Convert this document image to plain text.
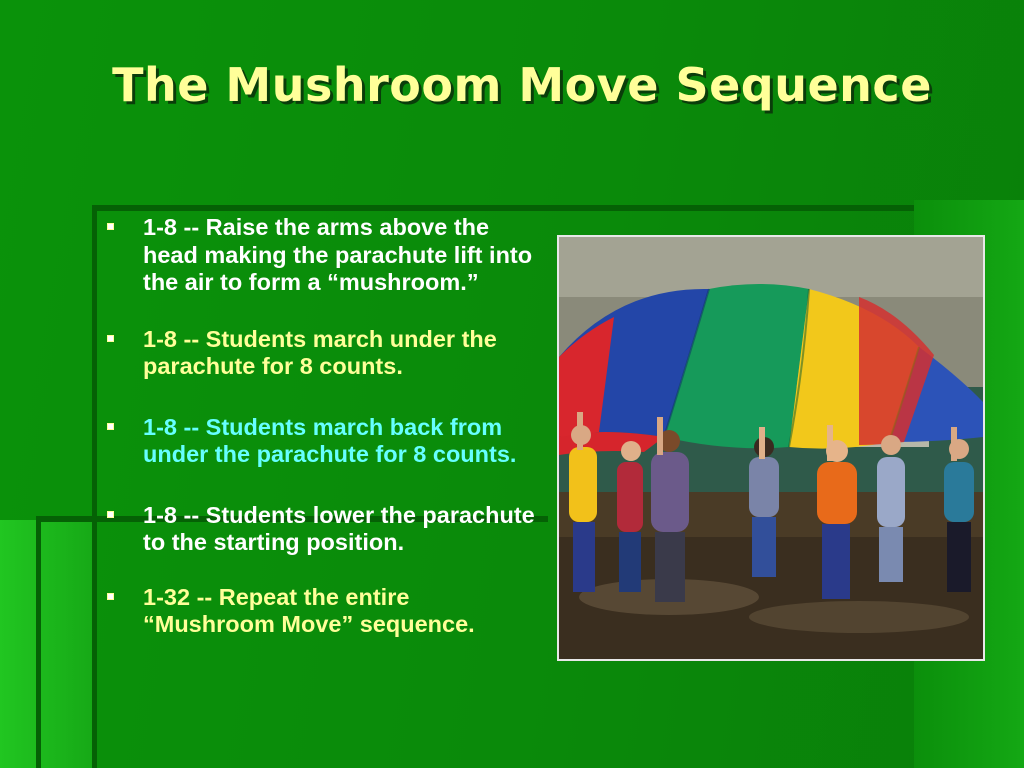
The Mushroom Move Sequence
1-8 -- Raise the arms above the head making the parachute lift into the air to form a “mushroom.”
1-8 -- Students march under the parachute for 8 counts.
1-8 -- Students march back from under the parachute for 8 counts.
1-8 -- Students lower the parachute to the starting position.
1-32 -- Repeat the entire “Mushroom Move” sequence.
